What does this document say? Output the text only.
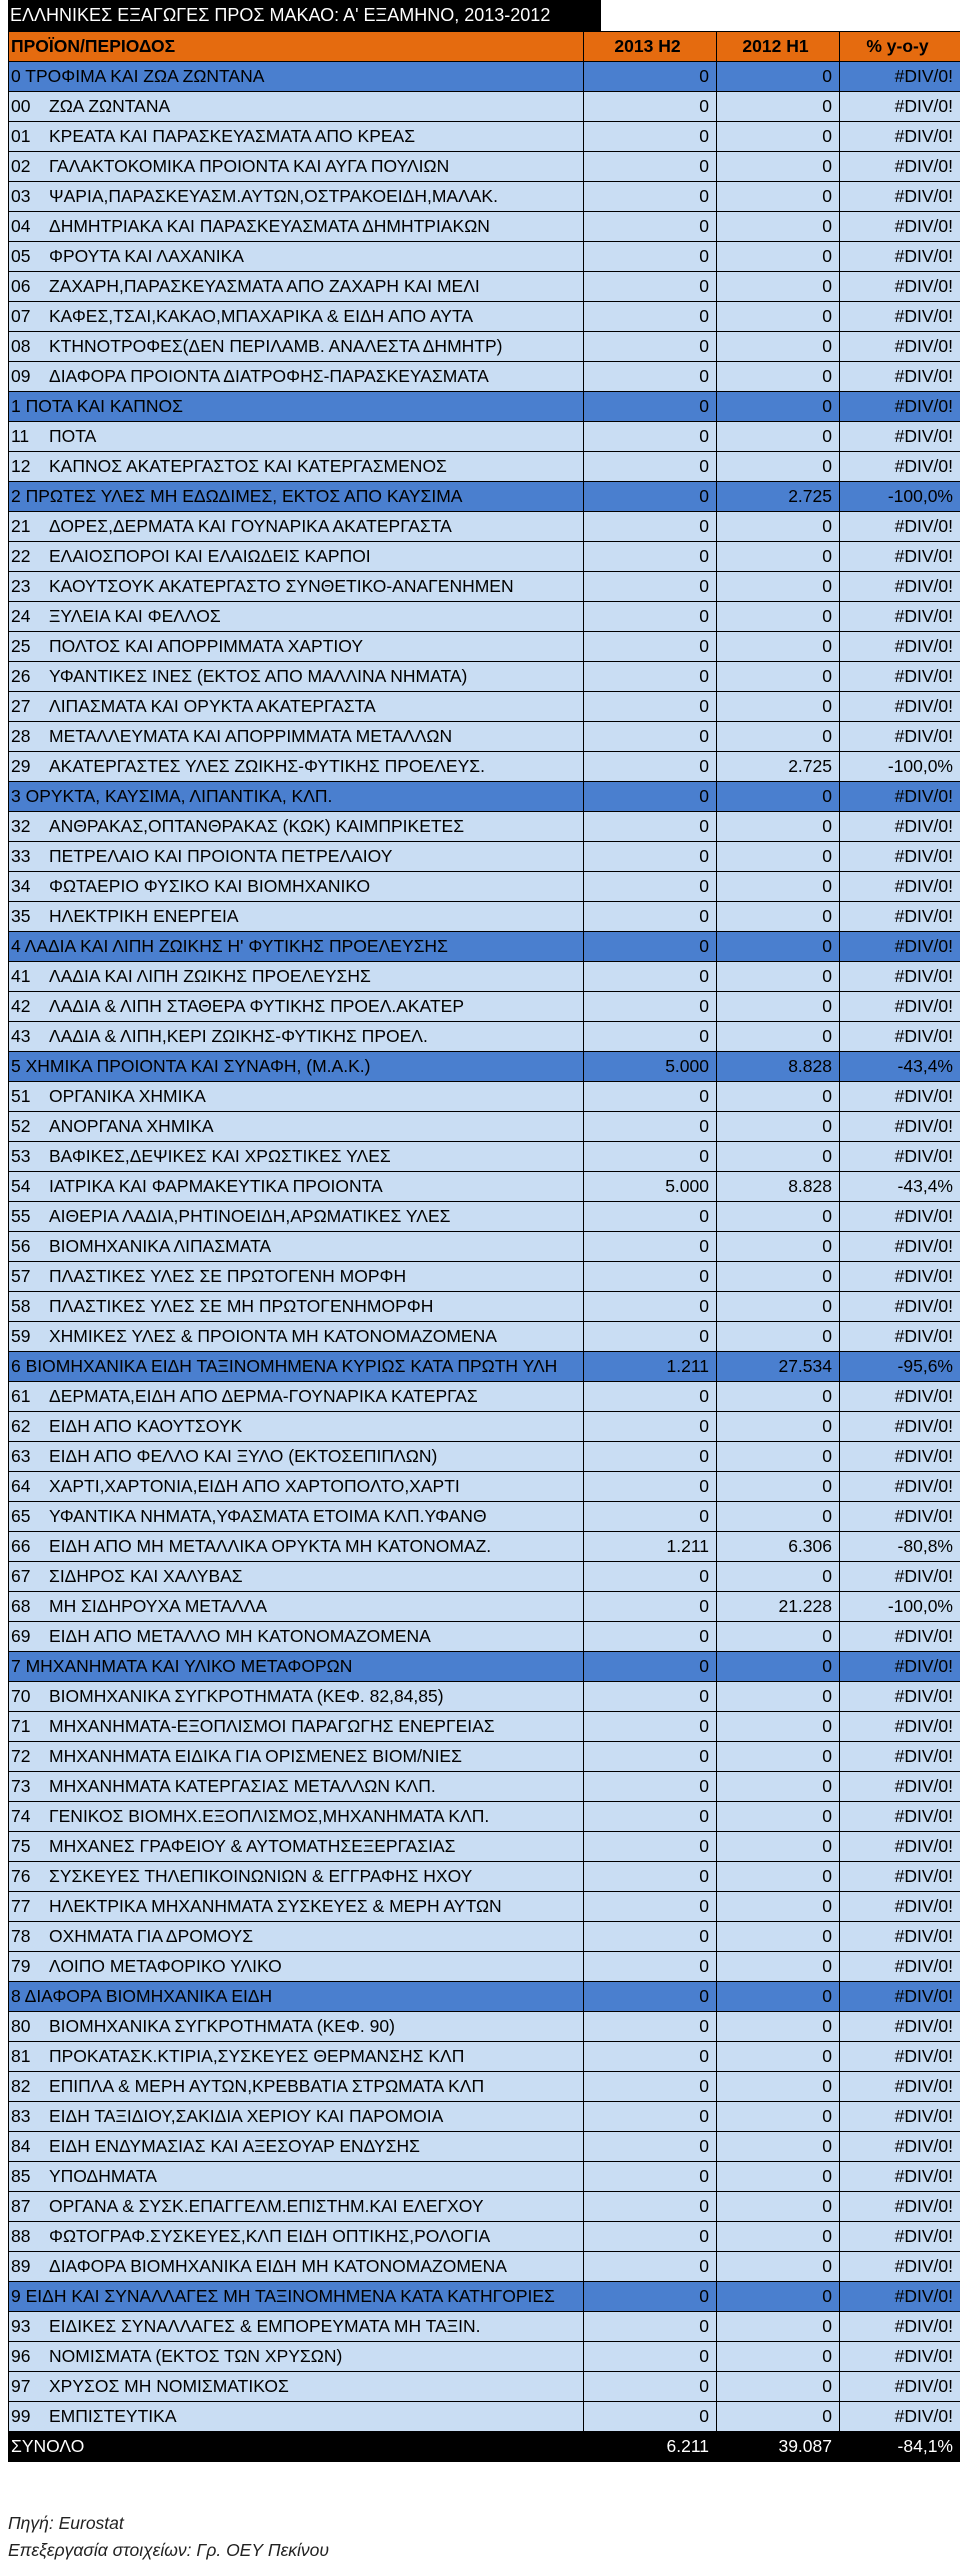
ΕΛΛΗΝΙΚΕΣ ΕΞΑΓΩΓΕΣ ΠΡΟΣ ΜΑΚΑΟ: Α' ΕΞΑΜΗΝΟ, 2013-2012
ΠΡΟΪΟΝ/ΠΕΡΙΟΔΟΣ	2013 H2	2012 H1	% y-o-y
0 ΤΡΟΦΙΜΑ ΚΑΙ ΖΩΑ ΖΩΝΤΑΝΑ	0	0	#DIV/0!
00 ΖΩΑ ΖΩΝΤΑΝΑ	0	0	#DIV/0!
01 ΚΡΕΑΤΑ ΚΑΙ ΠΑΡΑΣΚΕΥΑΣΜΑΤΑ ΑΠΟ ΚΡΕΑΣ	0	0	#DIV/0!
02 ΓΑΛΑΚΤΟΚΟΜΙΚΑ ΠΡΟΙΟΝΤΑ ΚΑΙ ΑΥΓΑ ΠΟΥΛΙΩΝ	0	0	#DIV/0!
03 ΨΑΡΙΑ,ΠΑΡΑΣΚΕΥΑΣΜ.ΑΥΤΩΝ,ΟΣΤΡΑΚΟΕΙΔΗ,ΜΑΛΑΚ.	0	0	#DIV/0!
04 ΔΗΜΗΤΡΙΑΚΑ ΚΑΙ ΠΑΡΑΣΚΕΥΑΣΜΑΤΑ ΔΗΜΗΤΡΙΑΚΩΝ	0	0	#DIV/0!
05 ΦΡΟΥΤΑ ΚΑΙ ΛΑΧΑΝΙΚΑ	0	0	#DIV/0!
06 ΖΑΧΑΡΗ,ΠΑΡΑΣΚΕΥΑΣΜΑΤΑ ΑΠΟ ΖΑΧΑΡΗ ΚΑΙ ΜΕΛΙ	0	0	#DIV/0!
07 ΚΑΦΕΣ,ΤΣΑΙ,ΚΑΚΑΟ,ΜΠΑΧΑΡΙΚΑ & ΕΙΔΗ ΑΠΟ ΑΥΤΑ	0	0	#DIV/0!
08 ΚΤΗΝΟΤΡΟΦΕΣ(ΔΕΝ ΠΕΡΙΛΑΜΒ. ΑΝΑΛΕΣΤΑ ΔΗΜΗΤΡ)	0	0	#DIV/0!
09 ΔΙΑΦΟΡΑ ΠΡΟΙΟΝΤΑ ΔΙΑΤΡΟΦΗΣ-ΠΑΡΑΣΚΕΥΑΣΜΑΤΑ	0	0	#DIV/0!
1 ΠΟΤΑ ΚΑΙ ΚΑΠΝΟΣ	0	0	#DIV/0!
11 ΠΟΤΑ	0	0	#DIV/0!
12 ΚΑΠΝΟΣ ΑΚΑΤΕΡΓΑΣΤΟΣ ΚΑΙ ΚΑΤΕΡΓΑΣΜΕΝΟΣ	0	0	#DIV/0!
2 ΠΡΩΤΕΣ ΥΛΕΣ ΜΗ ΕΔΩΔΙΜΕΣ, ΕΚΤΟΣ ΑΠΟ ΚΑΥΣΙΜΑ	0	2.725	-100,0%
21 ΔΟΡΕΣ,ΔΕΡΜΑΤΑ ΚΑΙ ΓΟΥΝΑΡΙΚΑ ΑΚΑΤΕΡΓΑΣΤΑ	0	0	#DIV/0!
22 ΕΛΑΙΟΣΠΟΡΟΙ ΚΑΙ ΕΛΑΙΩΔΕΙΣ ΚΑΡΠΟΙ	0	0	#DIV/0!
23 ΚΑΟΥΤΣΟΥΚ ΑΚΑΤΕΡΓΑΣΤΟ ΣΥΝΘΕΤΙΚΟ-ΑΝΑΓΕΝΗΜΕΝ	0	0	#DIV/0!
24 ΞΥΛΕΙΑ ΚΑΙ ΦΕΛΛΟΣ	0	0	#DIV/0!
25 ΠΟΛΤΟΣ ΚΑΙ ΑΠΟΡΡΙΜΜΑΤΑ ΧΑΡΤΙΟΥ	0	0	#DIV/0!
26 ΥΦΑΝΤΙΚΕΣ ΙΝΕΣ (ΕΚΤΟΣ ΑΠΟ ΜΑΛΛΙΝΑ ΝΗΜΑΤΑ)	0	0	#DIV/0!
27 ΛΙΠΑΣΜΑΤΑ ΚΑΙ ΟΡΥΚΤΑ ΑΚΑΤΕΡΓΑΣΤΑ	0	0	#DIV/0!
28 ΜΕΤΑΛΛΕΥΜΑΤΑ ΚΑΙ ΑΠΟΡΡΙΜΜΑΤΑ ΜΕΤΑΛΛΩΝ	0	0	#DIV/0!
29 ΑΚΑΤΕΡΓΑΣΤΕΣ ΥΛΕΣ ΖΩΙΚΗΣ-ΦΥΤΙΚΗΣ ΠΡΟΕΛΕΥΣ.	0	2.725	-100,0%
3 ΟΡΥΚΤΑ, ΚΑΥΣΙΜΑ, ΛΙΠΑΝΤΙΚΑ, ΚΛΠ.	0	0	#DIV/0!
32 ΑΝΘΡΑΚΑΣ,ΟΠΤΑΝΘΡΑΚΑΣ (ΚΩΚ) ΚΑΙΜΠΡΙΚΕΤΕΣ	0	0	#DIV/0!
33 ΠΕΤΡΕΛΑΙΟ ΚΑΙ ΠΡΟΙΟΝΤΑ ΠΕΤΡΕΛΑΙΟΥ	0	0	#DIV/0!
34 ΦΩΤΑΕΡΙΟ ΦΥΣΙΚΟ ΚΑΙ ΒΙΟΜΗΧΑΝΙΚΟ	0	0	#DIV/0!
35 ΗΛΕΚΤΡΙΚΗ ΕΝΕΡΓΕΙΑ	0	0	#DIV/0!
4 ΛΑΔΙΑ ΚΑΙ ΛΙΠΗ ΖΩΙΚΗΣ Η' ΦΥΤΙΚΗΣ ΠΡΟΕΛΕΥΣΗΣ	0	0	#DIV/0!
41 ΛΑΔΙΑ ΚΑΙ ΛΙΠΗ ΖΩΙΚΗΣ ΠΡΟΕΛΕΥΣΗΣ	0	0	#DIV/0!
42 ΛΑΔΙΑ & ΛΙΠΗ ΣΤΑΘΕΡΑ ΦΥΤΙΚΗΣ ΠΡΟΕΛ.ΑΚΑΤΕΡ	0	0	#DIV/0!
43 ΛΑΔΙΑ & ΛΙΠΗ,ΚΕΡΙ ΖΩΙΚΗΣ-ΦΥΤΙΚΗΣ ΠΡΟΕΛ.	0	0	#DIV/0!
5 ΧΗΜΙΚΑ ΠΡΟΙΟΝΤΑ ΚΑΙ ΣΥΝΑΦΗ, (Μ.Α.Κ.)	5.000	8.828	-43,4%
51 ΟΡΓΑΝΙΚΑ ΧΗΜΙΚΑ	0	0	#DIV/0!
52 ΑΝΟΡΓΑΝΑ ΧΗΜΙΚΑ	0	0	#DIV/0!
53 ΒΑΦΙΚΕΣ,ΔΕΨΙΚΕΣ ΚΑΙ ΧΡΩΣΤΙΚΕΣ ΥΛΕΣ	0	0	#DIV/0!
54 ΙΑΤΡΙΚΑ ΚΑΙ ΦΑΡΜΑΚΕΥΤΙΚΑ ΠΡΟΙΟΝΤΑ	5.000	8.828	-43,4%
55 ΑΙΘΕΡΙΑ ΛΑΔΙΑ,ΡΗΤΙΝΟΕΙΔΗ,ΑΡΩΜΑΤΙΚΕΣ ΥΛΕΣ	0	0	#DIV/0!
56 ΒΙΟΜΗΧΑΝΙΚΑ ΛΙΠΑΣΜΑΤΑ	0	0	#DIV/0!
57 ΠΛΑΣΤΙΚΕΣ ΥΛΕΣ ΣΕ ΠΡΩΤΟΓΕΝΗ ΜΟΡΦΗ	0	0	#DIV/0!
58 ΠΛΑΣΤΙΚΕΣ ΥΛΕΣ ΣΕ ΜΗ ΠΡΩΤΟΓΕΝΗΜΟΡΦΗ	0	0	#DIV/0!
59 ΧΗΜΙΚΕΣ ΥΛΕΣ & ΠΡΟΙΟΝΤΑ ΜΗ ΚΑΤΟΝΟΜΑΖΟΜΕΝΑ	0	0	#DIV/0!
6 ΒΙΟΜΗΧΑΝΙΚΑ ΕΙΔΗ ΤΑΞΙΝΟΜΗΜΕΝΑ ΚΥΡΙΩΣ ΚΑΤΑ ΠΡΩΤΗ ΥΛΗ	1.211	27.534	-95,6%
61 ΔΕΡΜΑΤΑ,ΕΙΔΗ ΑΠΟ ΔΕΡΜΑ-ΓΟΥΝΑΡΙΚΑ ΚΑΤΕΡΓΑΣ	0	0	#DIV/0!
62 ΕΙΔΗ ΑΠΟ ΚΑΟΥΤΣΟΥΚ	0	0	#DIV/0!
63 ΕΙΔΗ ΑΠΟ ΦΕΛΛΟ ΚΑΙ ΞΥΛΟ (ΕΚΤΟΣΕΠΙΠΛΩΝ)	0	0	#DIV/0!
64 ΧΑΡΤΙ,ΧΑΡΤΟΝΙΑ,ΕΙΔΗ ΑΠΟ ΧΑΡΤΟΠΟΛΤΟ,ΧΑΡΤΙ	0	0	#DIV/0!
65 ΥΦΑΝΤΙΚΑ ΝΗΜΑΤΑ,ΥΦΑΣΜΑΤΑ ΕΤΟΙΜΑ ΚΛΠ.ΥΦΑΝΘ	0	0	#DIV/0!
66 ΕΙΔΗ ΑΠΟ ΜΗ ΜΕΤΑΛΛΙΚΑ ΟΡΥΚΤΑ ΜΗ ΚΑΤΟΝΟΜΑΖ.	1.211	6.306	-80,8%
67 ΣΙΔΗΡΟΣ ΚΑΙ ΧΑΛΥΒΑΣ	0	0	#DIV/0!
68 ΜΗ ΣΙΔΗΡΟΥΧΑ ΜΕΤΑΛΛΑ	0	21.228	-100,0%
69 ΕΙΔΗ ΑΠΟ ΜΕΤΑΛΛΟ ΜΗ ΚΑΤΟΝΟΜΑΖΟΜΕΝΑ	0	0	#DIV/0!
7 ΜΗΧΑΝΗΜΑΤΑ ΚΑΙ ΥΛΙΚΟ ΜΕΤΑΦΟΡΩΝ	0	0	#DIV/0!
70 ΒΙΟΜΗΧΑΝΙΚΑ ΣΥΓΚΡΟΤΗΜΑΤΑ (ΚΕΦ. 82,84,85)	0	0	#DIV/0!
71 ΜΗΧΑΝΗΜΑΤΑ-ΕΞΟΠΛΙΣΜΟΙ ΠΑΡΑΓΩΓΗΣ ΕΝΕΡΓΕΙΑΣ	0	0	#DIV/0!
72 ΜΗΧΑΝΗΜΑΤΑ ΕΙΔΙΚΑ ΓΙΑ ΟΡΙΣΜΕΝΕΣ ΒΙΟΜ/ΝΙΕΣ	0	0	#DIV/0!
73 ΜΗΧΑΝΗΜΑΤΑ ΚΑΤΕΡΓΑΣΙΑΣ ΜΕΤΑΛΛΩΝ ΚΛΠ.	0	0	#DIV/0!
74 ΓΕΝΙΚΟΣ ΒΙΟΜΗΧ.ΕΞΟΠΛΙΣΜΟΣ,ΜΗΧΑΝΗΜΑΤΑ ΚΛΠ.	0	0	#DIV/0!
75 ΜΗΧΑΝΕΣ ΓΡΑΦΕΙΟΥ & ΑΥΤΟΜΑΤΗΣΕΞΕΡΓΑΣΙΑΣ	0	0	#DIV/0!
76 ΣΥΣΚΕΥΕΣ ΤΗΛΕΠΙΚΟΙΝΩΝΙΩΝ & ΕΓΓΡΑΦΗΣ ΗΧΟΥ	0	0	#DIV/0!
77 ΗΛΕΚΤΡΙΚΑ ΜΗΧΑΝΗΜΑΤΑ ΣΥΣΚΕΥΕΣ & ΜΕΡΗ ΑΥΤΩΝ	0	0	#DIV/0!
78 ΟΧΗΜΑΤΑ ΓΙΑ ΔΡΟΜΟΥΣ	0	0	#DIV/0!
79 ΛΟΙΠΟ ΜΕΤΑΦΟΡΙΚΟ ΥΛΙΚΟ	0	0	#DIV/0!
8 ΔΙΑΦΟΡΑ ΒΙΟΜΗΧΑΝΙΚΑ ΕΙΔΗ	0	0	#DIV/0!
80 ΒΙΟΜΗΧΑΝΙΚΑ ΣΥΓΚΡΟΤΗΜΑΤΑ (ΚΕΦ. 90)	0	0	#DIV/0!
81 ΠΡΟΚΑΤΑΣΚ.ΚΤΙΡΙΑ,ΣΥΣΚΕΥΕΣ ΘΕΡΜΑΝΣΗΣ ΚΛΠ	0	0	#DIV/0!
82 ΕΠΙΠΛΑ & ΜΕΡΗ ΑΥΤΩΝ,ΚΡΕΒΒΑΤΙΑ ΣΤΡΩΜΑΤΑ ΚΛΠ	0	0	#DIV/0!
83 ΕΙΔΗ ΤΑΞΙΔΙΟΥ,ΣΑΚΙΔΙΑ ΧΕΡΙΟΥ ΚΑΙ ΠΑΡΟΜΟΙΑ	0	0	#DIV/0!
84 ΕΙΔΗ ΕΝΔΥΜΑΣΙΑΣ ΚΑΙ ΑΞΕΣΟΥΑΡ ΕΝΔΥΣΗΣ	0	0	#DIV/0!
85 ΥΠΟΔΗΜΑΤΑ	0	0	#DIV/0!
87 ΟΡΓΑΝΑ & ΣΥΣΚ.ΕΠΑΓΓΕΛΜ.ΕΠΙΣΤΗΜ.ΚΑΙ ΕΛΕΓΧΟΥ	0	0	#DIV/0!
88 ΦΩΤΟΓΡΑΦ.ΣΥΣΚΕΥΕΣ,ΚΛΠ ΕΙΔΗ ΟΠΤΙΚΗΣ,ΡΟΛΟΓΙΑ	0	0	#DIV/0!
89 ΔΙΑΦΟΡΑ ΒΙΟΜΗΧΑΝΙΚΑ ΕΙΔΗ ΜΗ ΚΑΤΟΝΟΜΑΖΟΜΕΝΑ	0	0	#DIV/0!
9 ΕΙΔΗ ΚΑΙ ΣΥΝΑΛΛΑΓΕΣ ΜΗ ΤΑΞΙΝΟΜΗΜΕΝΑ ΚΑΤΑ ΚΑΤΗΓΟΡΙΕΣ	0	0	#DIV/0!
93 ΕΙΔΙΚΕΣ ΣΥΝΑΛΛΑΓΕΣ & ΕΜΠΟΡΕΥΜΑΤΑ ΜΗ ΤΑΞΙΝ.	0	0	#DIV/0!
96 ΝΟΜΙΣΜΑΤΑ (ΕΚΤΟΣ ΤΩΝ ΧΡΥΣΩΝ)	0	0	#DIV/0!
97 ΧΡΥΣΟΣ ΜΗ ΝΟΜΙΣΜΑΤΙΚΟΣ	0	0	#DIV/0!
99 ΕΜΠΙΣΤΕΥΤΙΚΑ	0	0	#DIV/0!
ΣΥΝΟΛΟ	6.211	39.087	-84,1%
Πηγή: Eurostat
Επεξεργασία στοιχείων: Γρ. ΟΕΥ Πεκίνου
